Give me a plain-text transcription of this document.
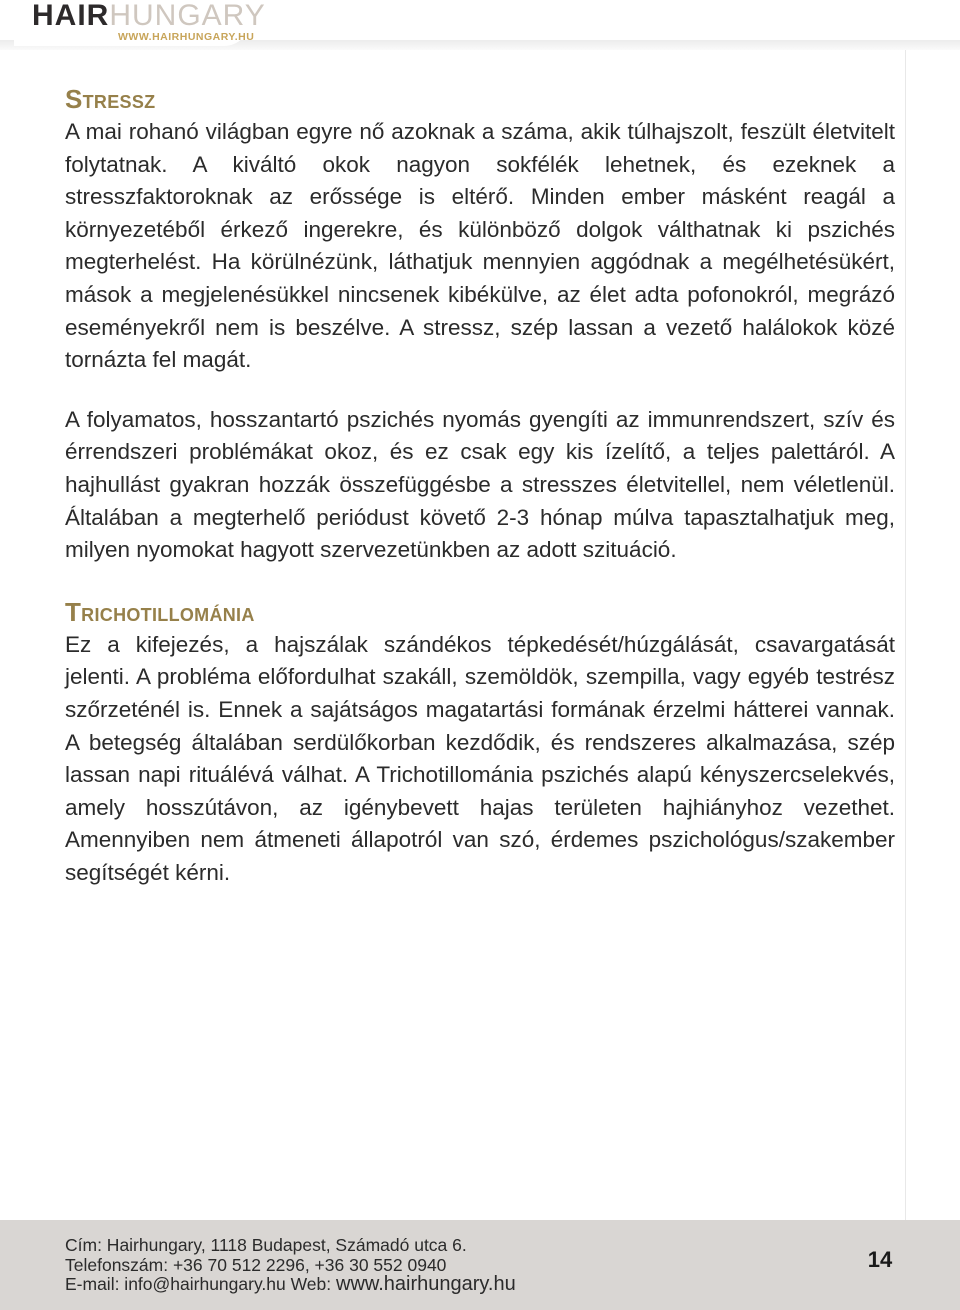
HAIRHUNGARY
WWW.HAIRHUNGARY.HU
Stressz

A mai rohanó világban egyre nő azoknak a száma, akik túlhajszolt, feszült életvitelt folytatnak. A kiváltó okok nagyon sokfélék lehetnek, és ezeknek a stresszfaktoroknak az erőssége is eltérő. Minden ember másként reagál a környezetéből érkező ingerekre, és különböző dolgok válthatnak ki pszichés megterhelést. Ha körülnézünk, láthatjuk mennyien aggódnak a megélhetésükért, mások a megjelenésükkel nincsenek kibékülve, az élet adta pofonokról, megrázó eseményekről nem is beszélve. A stressz, szép lassan a vezető halálokok közé tornázta fel magát.

A folyamatos, hosszantartó pszichés nyomás gyengíti az immunrendszert, szív és érrendszeri problémákat okoz, és ez csak egy kis ízelítő, a teljes palettáról. A hajhullást gyakran hozzák összefüggésbe a stresszes életvitellel, nem véletlenül. Általában a megterhelő periódust követő 2-3 hónap múlva tapasztalhatjuk meg, milyen nyomokat hagyott szervezetünkben az adott szituáció.

Trichotillománia

Ez a kifejezés, a hajszálak szándékos tépkedését/húzgálását, csavargatását jelenti. A probléma előfordulhat szakáll, szemöldök, szempilla, vagy egyéb testrész szőrzeténél is. Ennek a sajátságos magatartási formának érzelmi hátterei vannak. A betegség általában serdülőkorban kezdődik, és rendszeres alkalmazása, szép lassan napi rituálévá válhat. A Trichotillománia pszichés alapú kényszercselekvés, amely hosszútávon, az igénybevett hajas területen hajhiányhoz vezethet. Amennyiben nem átmeneti állapotról van szó, érdemes pszichológus/szakember segítségét kérni.

Cím: Hairhungary, 1118 Budapest, Számadó utca 6.
Telefonszám: +36 70 512 2296, +36 30 552 0940
E-mail: info@hairhungary.hu Web: www.hairhungary.hu
14
